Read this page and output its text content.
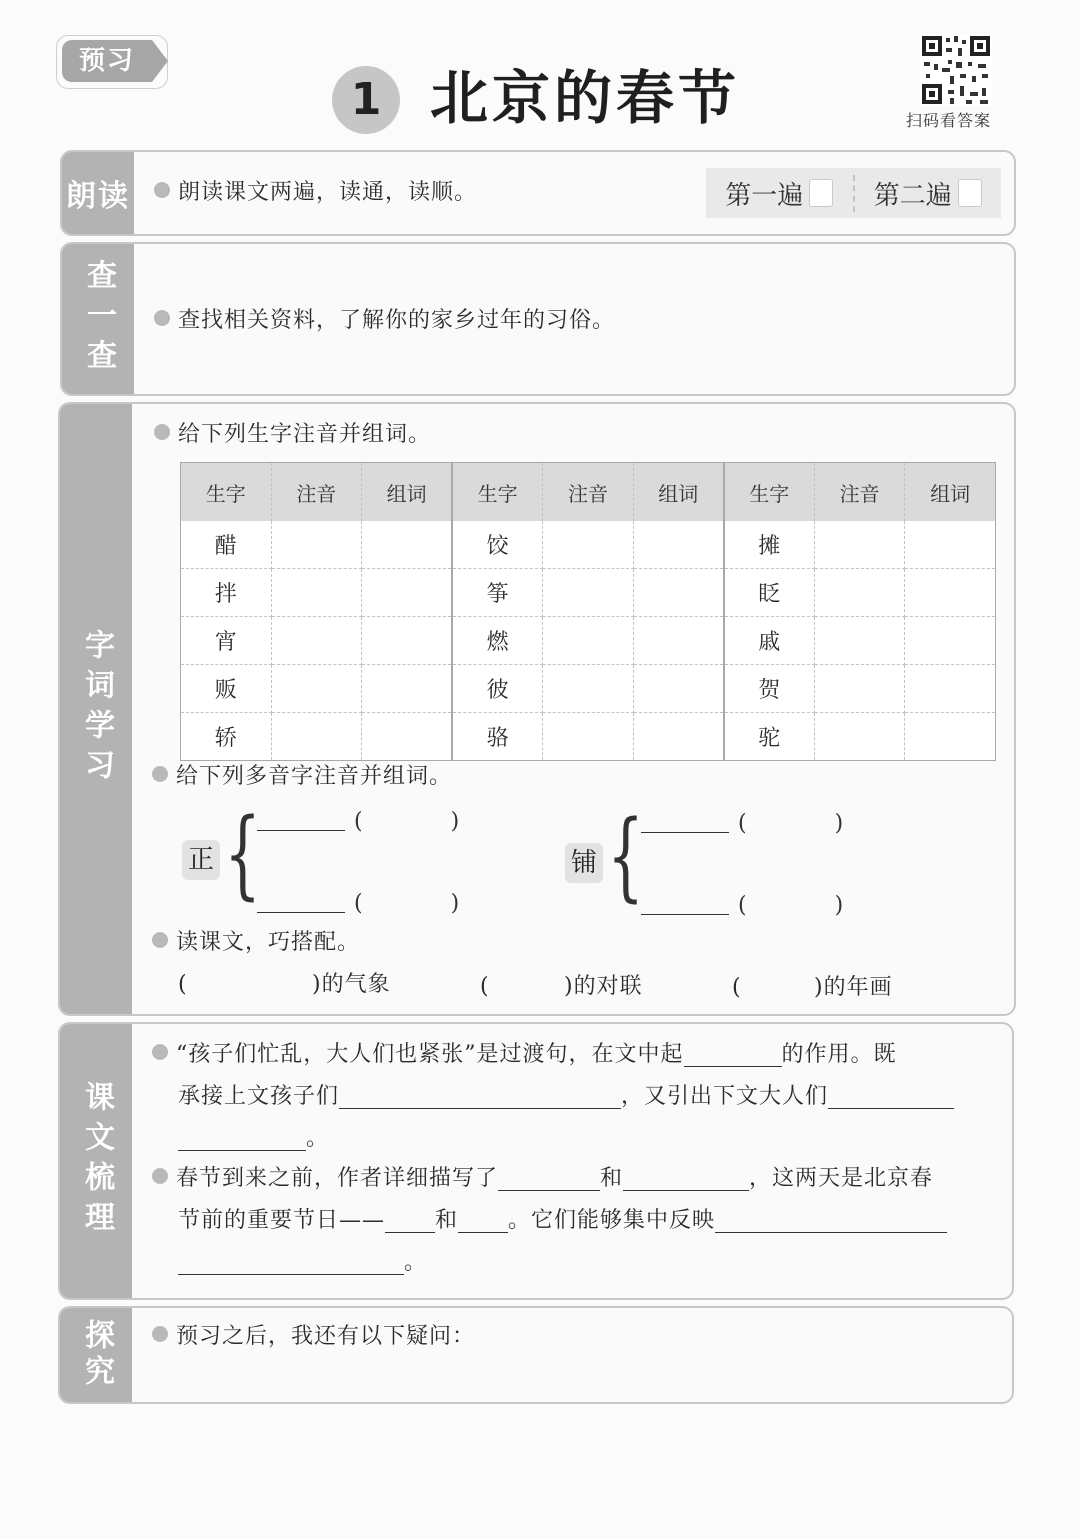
预习
1 北京的春节	扫码看答案
朗读	朗读课文两遍，读通，读顺。	第一遍	第二遍
查一查	查找相关资料，了解你的家乡过年的习俗。
字词学习
给下列生字注音并组词。
生字	注音	组词	生字	注音	组词	生字	注音	组词
醋			饺			摊		
拌			筝			眨		
宵			燃			戚		
贩			彼			贺		
轿			骆			驼		
给下列多音字注音并组词。
正 {	(　　　　)
(　　　　)
铺 {	(　　　　)
(　　　　)
读课文，巧搭配。
(	)的气象	(	)的对联	(	)的年画
课文梳理
“孩子们忙乱，大人们也紧张”是过渡句，在文中起	的作用。既
承接上文孩子们	，又引出下文大人们
。
春节到来之前，作者详细描写了	和	，这两天是北京春
节前的重要节日—— 和 。它们能够集中反映
。
探究	预习之后，我还有以下疑问：
